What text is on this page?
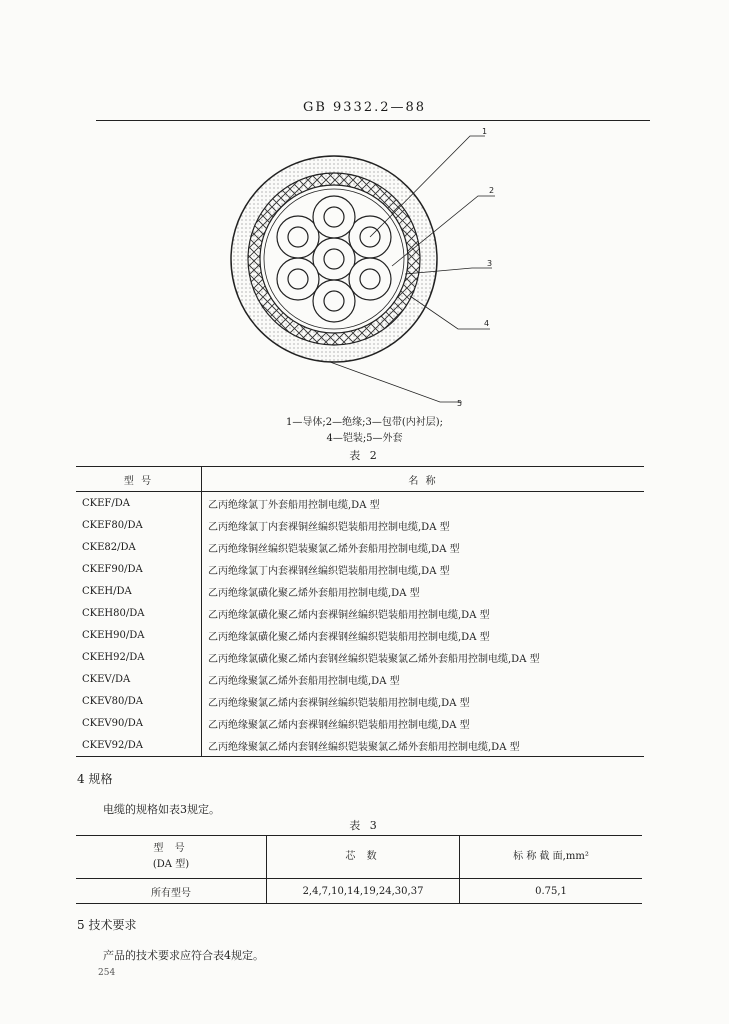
GB 9332.2—88
1
2
3
4
5
1—导体;2—绝缘;3—包带(内衬层);
4—铠装;5—外套
表 2
型 号	名 称
CKEF/DA	乙丙绝缘氯丁外套船用控制电缆,DA 型
CKEF80/DA	乙丙绝缘氯丁内套裸铜丝编织铠装船用控制电缆,DA 型
CKE82/DA	乙丙绝缘铜丝编织铠装聚氯乙烯外套船用控制电缆,DA 型
CKEF90/DA	乙丙绝缘氯丁内套裸钢丝编织铠装船用控制电缆,DA 型
CKEH/DA	乙丙绝缘氯磺化聚乙烯外套船用控制电缆,DA 型
CKEH80/DA	乙丙绝缘氯磺化聚乙烯内套裸铜丝编织铠装船用控制电缆,DA 型
CKEH90/DA	乙丙绝缘氯磺化聚乙烯内套裸钢丝编织铠装船用控制电缆,DA 型
CKEH92/DA	乙丙绝缘氯磺化聚乙烯内套钢丝编织铠装聚氯乙烯外套船用控制电缆,DA 型
CKEV/DA	乙丙绝缘聚氯乙烯外套船用控制电缆,DA 型
CKEV80/DA	乙丙绝缘聚氯乙烯内套裸铜丝编织铠装船用控制电缆,DA 型
CKEV90/DA	乙丙绝缘聚氯乙烯内套裸钢丝编织铠装船用控制电缆,DA 型
CKEV92/DA	乙丙绝缘聚氯乙烯内套钢丝编织铠装聚氯乙烯外套船用控制电缆,DA 型
4 规格
电缆的规格如表3规定。
表 3
型 号
(DA 型)	芯 数	标 称 截 面,mm²
所有型号	2,4,7,10,14,19,24,30,37	0.75,1
5 技术要求
产品的技术要求应符合表4规定。
254
